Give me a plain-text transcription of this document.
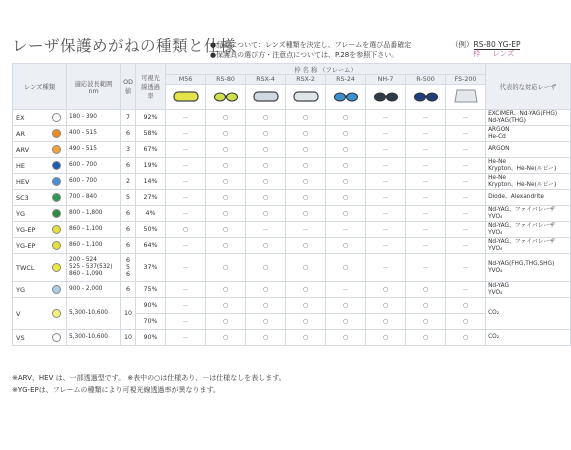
レーザ保護めがねの種類と仕様
●品番について：レンズ種類を決定し、フレームを選び品番確定
●保護具の選び方・注意点については、P.28を参照下さい。
（例）RS-80 YG-EP
枠 レンズ
レンズ種類		適応波長範囲 nm	OD値	可視光線透過率	枠 名 称 （フレーム）								代表的な対応レーザ

					M56	RS-80	RSX-4	RSX-2	RS-24	NH-7	R-500	FS-200	

EX		180 - 390	7	92%	－	○	○	○	○	－	－	－	EXCIMER、Nd-YAG(FHG)
Nd-YAG(THG)
AR		400 - 515	6	58%	－	○	○	○	○	－	－	－	ARGON
He-Cd
ARV		490 - 515	3	67%	－	○	○	○	○	－	－	－	ARGON
HE		600 - 700	6	19%	－	○	○	○	○	－	－	－	He-Ne
Krypton、He-Ne(ルビー)
HEV		600 - 700	2	14%	－	○	○	○	○	－	－	－	He-Ne
Krypton、He-Ne(ルビー)
SC3		700 - 840	5	27%	－	○	○	○	○	－	－	－	Diode、Alexandrite
YG		800 - 1,800	6	4%	－	○	○	○	○	－	－	－	Nd-YAG、ファイバレーザ
YVO₄
YG-EP		860 - 1,100	6	50%	○	○	－	－	－	－	－	－	Nd-YAG、ファイバレーザ
YVO₄
YG-EP		860 - 1,100	6	64%	－	○	○	○	○	－	－	－	Nd-YAG、ファイバレーザ
YVO₄
TWCL		200 - 524
525 - 537(532)
860 - 1,090	6
5
6	37%	－	○	○	○	○	－	－	－	Nd-YAG(FHG,THG,SHG)
YVO₄
YG		900 - 2,000	6	75%	－	○	○	○	－	○	○	－	Nd-YAG
YVO₄
V		5,300-10,600	10	90%	－	○	○	○	○	○	○	○	CO₂
				70%	－	○	○	○	○	○	○	○	
VS		5,300-10,600	10	90%	－	○	○	○	○	○	○	○	CO₂
※ARV、HEV は、一部透過型です。 ※表中の○は仕様あり、－は仕様なしを表します。
※YG-EPは、フレームの種類により可視光線透過率が異なります。
